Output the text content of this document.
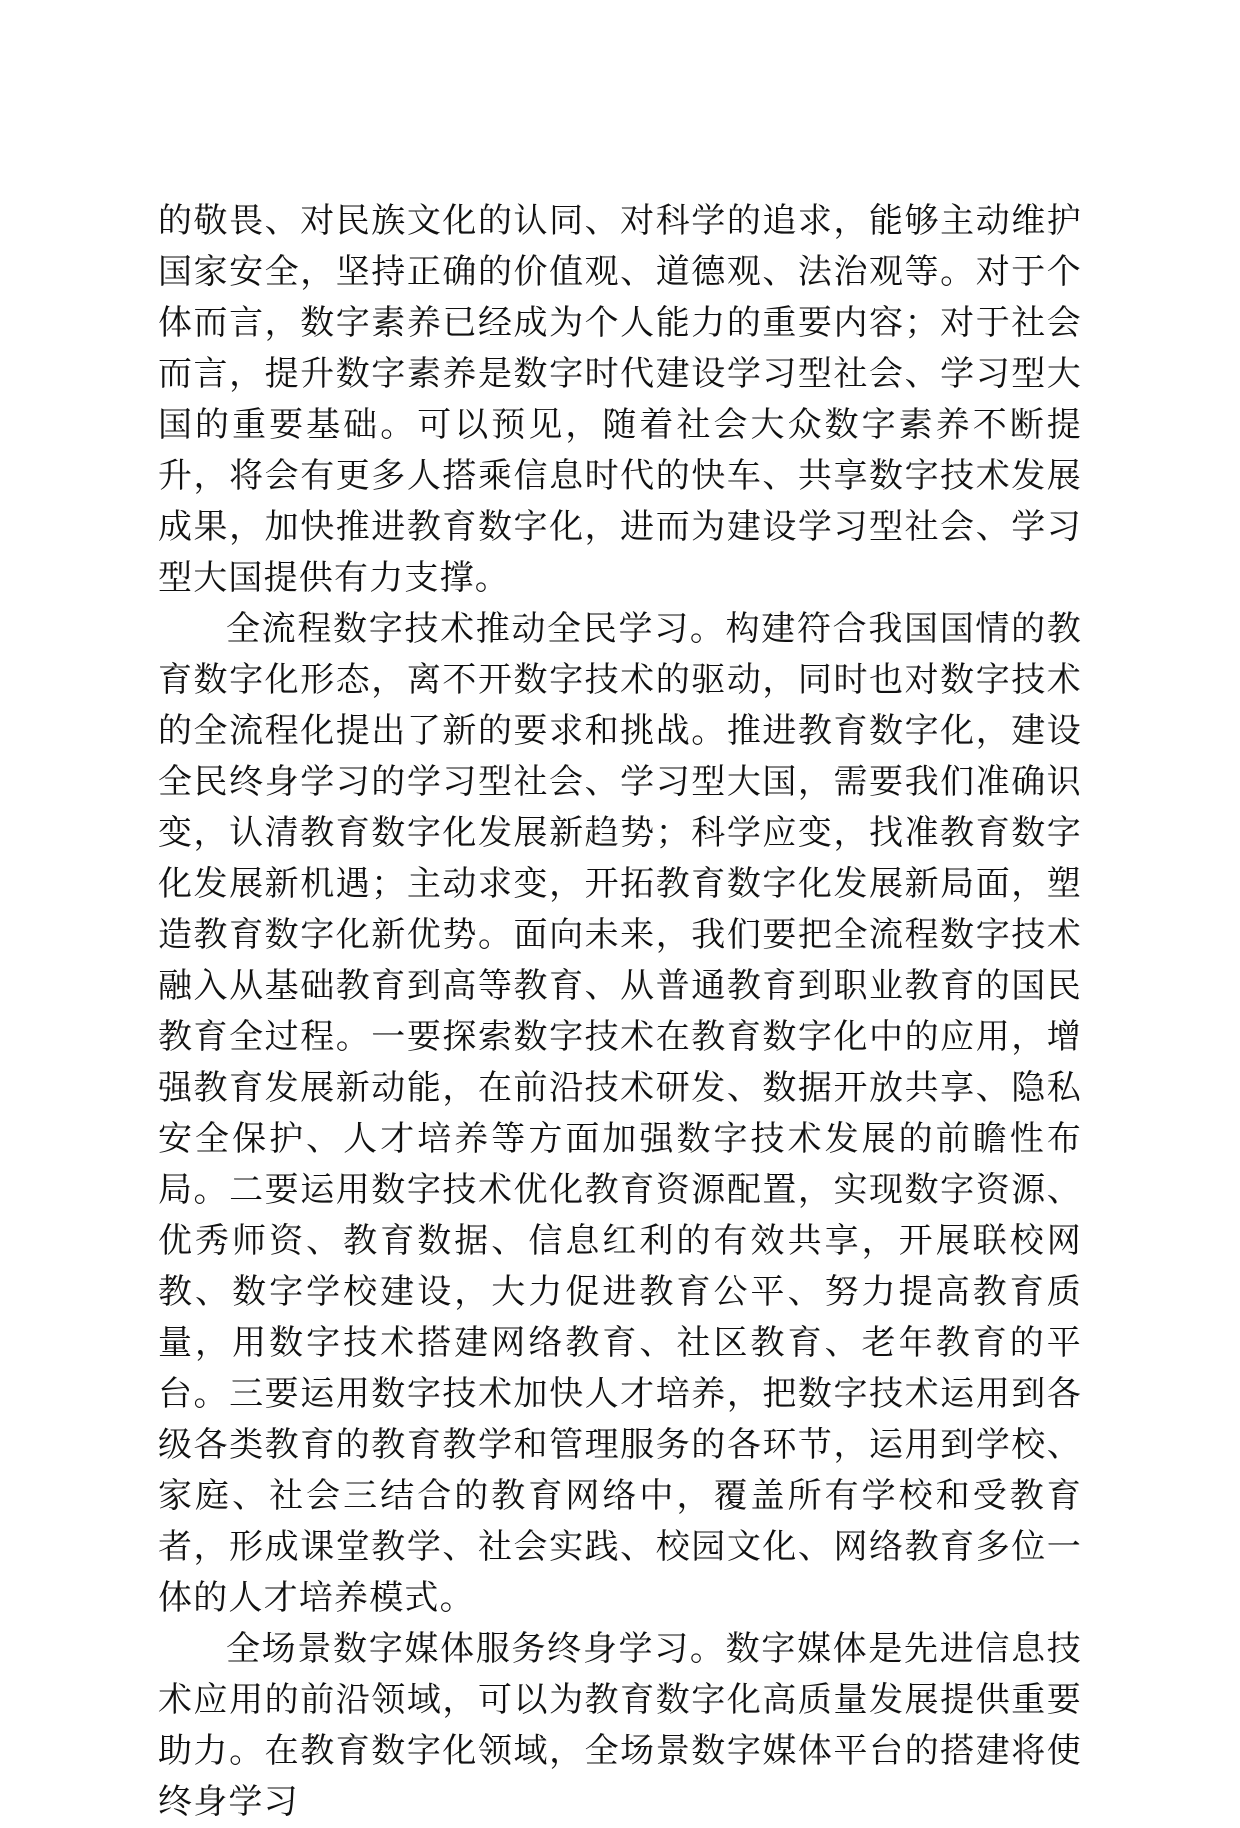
的敬畏、对民族文化的认同、对科学的追求，能够主动维护国家安全，坚持正确的价值观、道德观、法治观等。对于个体而言，数字素养已经成为个人能力的重要内容；对于社会而言，提升数字素养是数字时代建设学习型社会、学习型大国的重要基础。可以预见，随着社会大众数字素养不断提升，将会有更多人搭乘信息时代的快车、共享数字技术发展成果，加快推进教育数字化，进而为建设学习型社会、学习型大国提供有力支撑。

全流程数字技术推动全民学习。构建符合我国国情的教育数字化形态，离不开数字技术的驱动，同时也对数字技术的全流程化提出了新的要求和挑战。推进教育数字化，建设全民终身学习的学习型社会、学习型大国，需要我们准确识变，认清教育数字化发展新趋势；科学应变，找准教育数字化发展新机遇；主动求变，开拓教育数字化发展新局面，塑造教育数字化新优势。面向未来，我们要把全流程数字技术融入从基础教育到高等教育、从普通教育到职业教育的国民教育全过程。一要探索数字技术在教育数字化中的应用，增强教育发展新动能，在前沿技术研发、数据开放共享、隐私安全保护、人才培养等方面加强数字技术发展的前瞻性布局。二要运用数字技术优化教育资源配置，实现数字资源、优秀师资、教育数据、信息红利的有效共享，开展联校网教、数字学校建设，大力促进教育公平、努力提高教育质量，用数字技术搭建网络教育、社区教育、老年教育的平台。三要运用数字技术加快人才培养，把数字技术运用到各级各类教育的教育教学和管理服务的各环节，运用到学校、家庭、社会三结合的教育网络中，覆盖所有学校和受教育者，形成课堂教学、社会实践、校园文化、网络教育多位一体的人才培养模式。

全场景数字媒体服务终身学习。数字媒体是先进信息技术应用的前沿领域，可以为教育数字化高质量发展提供重要助力。在教育数字化领域，全场景数字媒体平台的搭建将使终身学习
